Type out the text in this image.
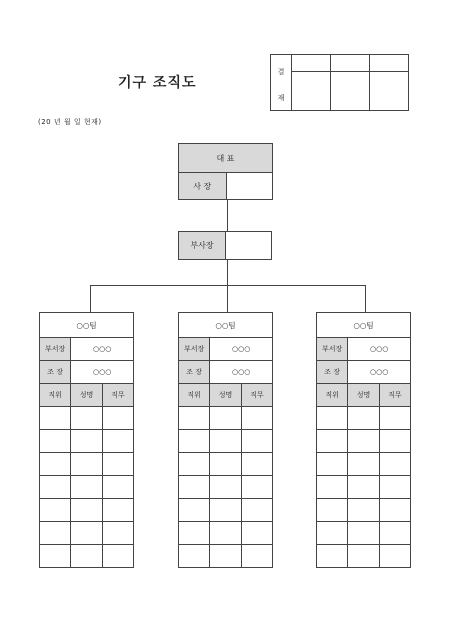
기구 조직도
(20 년 월 일 현재)
결
재			

대 표
사 장	
부사장	
○○팀		
부서장	○○○	
조 장	○○○	
직위	성명	직무

○○팀		
부서장	○○○	
조 장	○○○	
직위	성명	직무

○○팀		
부서장	○○○	
조 장	○○○	
직위	성명	직무
